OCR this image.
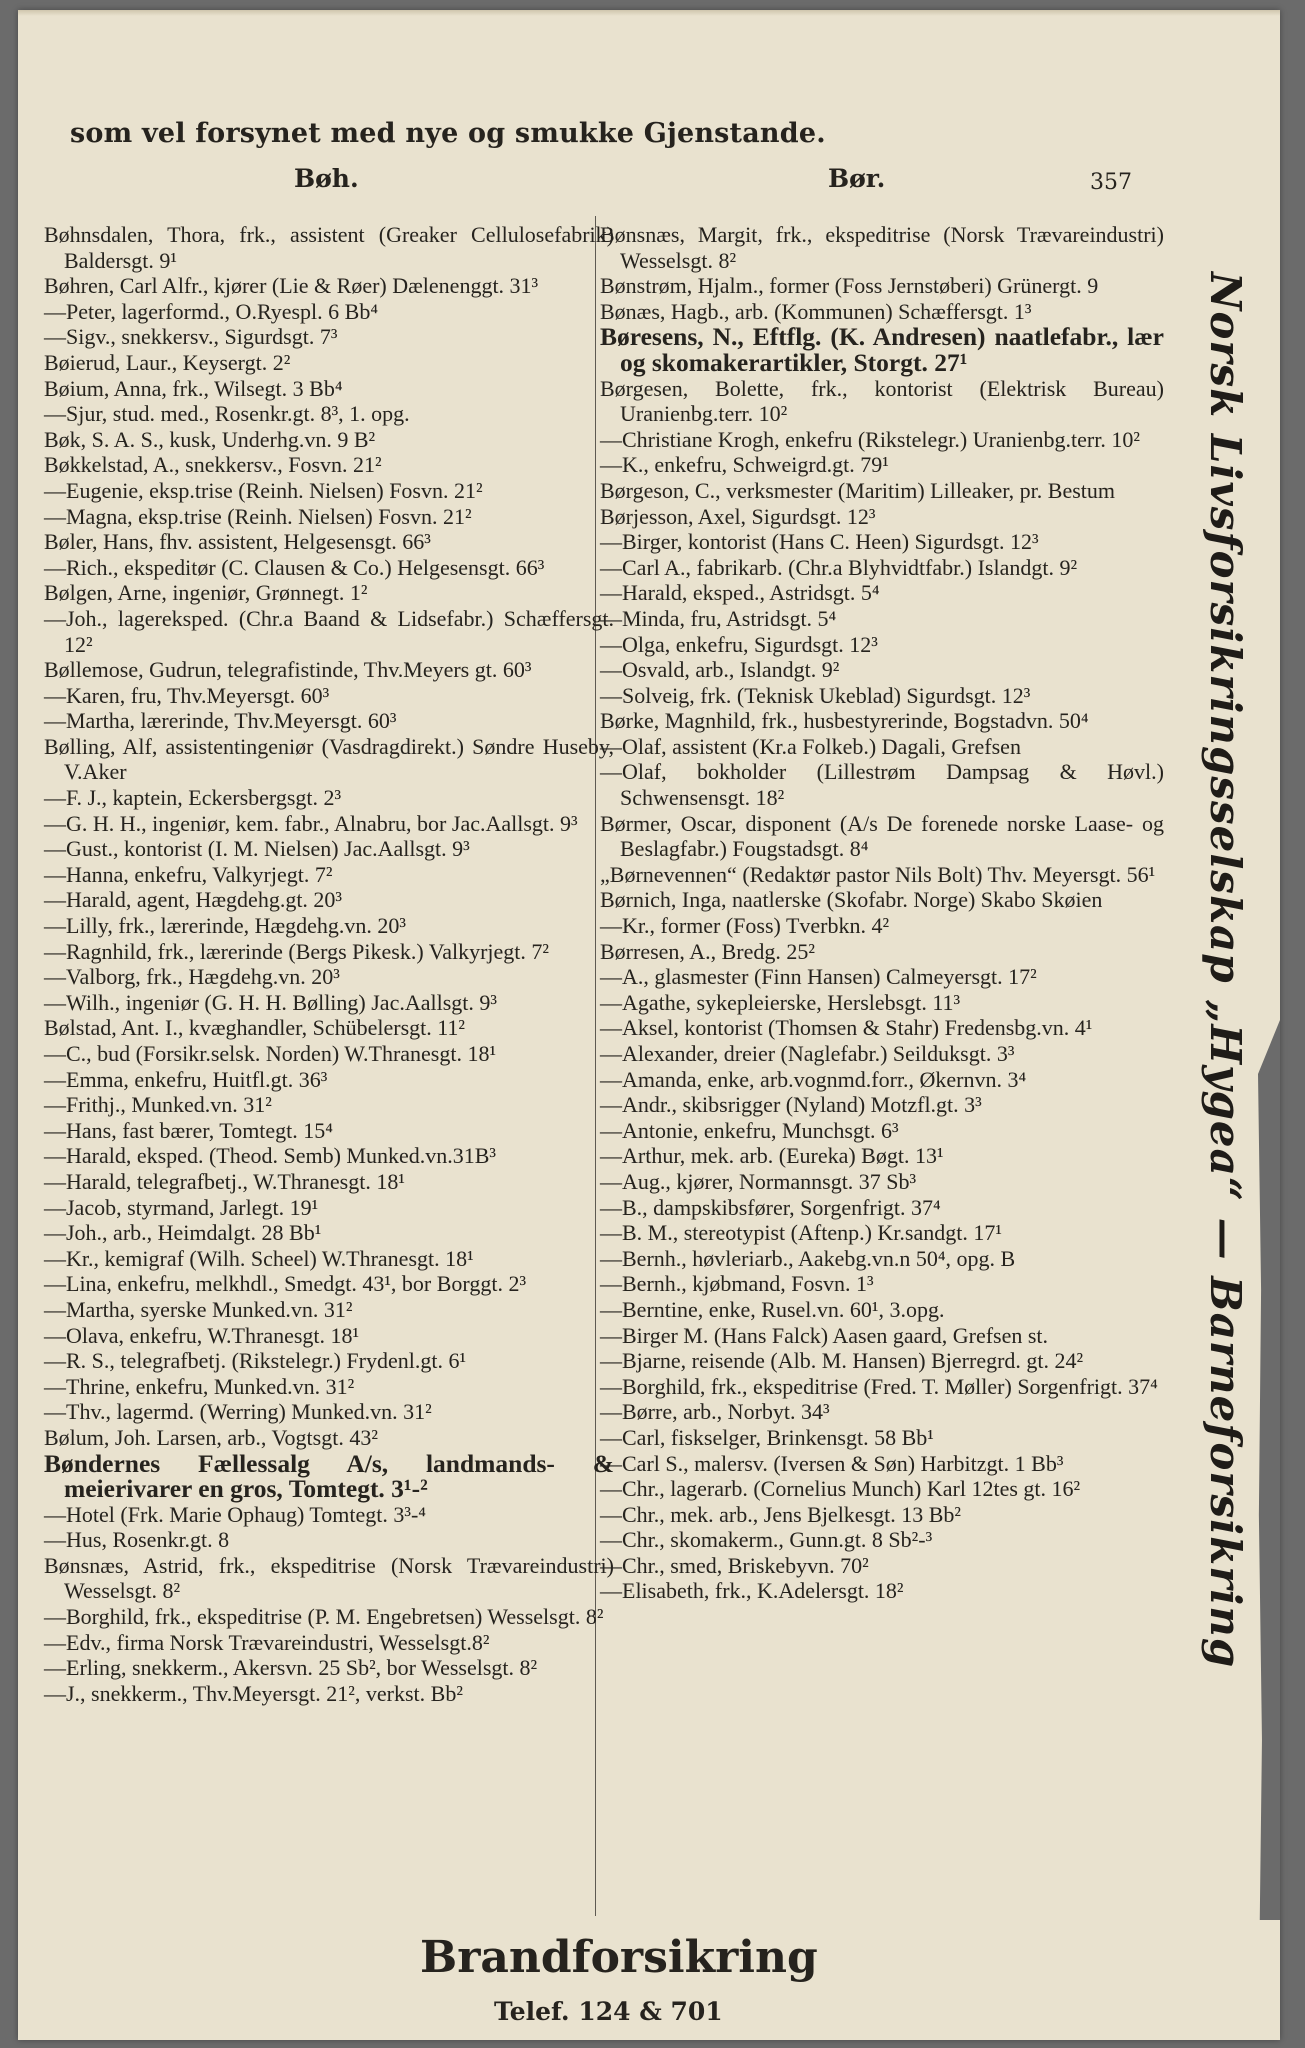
som vel forsynet med nye og smukke Gjenstande.
Bøh.	Bør.	357

Bøhnsdalen, Thora, frk., assistent (Greaker Cellulosefabrik) Baldersgt. 9¹

Bøhren, Carl Alfr., kjører (Lie & Røer) Dælenenggt. 31³

—Peter, lagerformd., O.Ryespl. 6 Bb⁴

—Sigv., snekkersv., Sigurdsgt. 7³

Bøierud, Laur., Keysergt. 2²

Bøium, Anna, frk., Wilsegt. 3 Bb⁴

—Sjur, stud. med., Rosenkr.gt. 8³, 1. opg.

Bøk, S. A. S., kusk, Underhg.vn. 9 B²

Bøkkelstad, A., snekkersv., Fosvn. 21²

—Eugenie, eksp.trise (Reinh. Nielsen) Fosvn. 21²

—Magna, eksp.trise (Reinh. Nielsen) Fosvn. 21²

Bøler, Hans, fhv. assistent, Helgesensgt. 66³

—Rich., ekspeditør (C. Clausen & Co.) Helgesensgt. 66³

Bølgen, Arne, ingeniør, Grønnegt. 1²

—Joh., lagereksped. (Chr.a Baand & Lidsefabr.) Schæffersgt. 12²

Bøllemose, Gudrun, telegrafistinde, Thv.Meyers gt. 60³

—Karen, fru, Thv.Meyersgt. 60³

—Martha, lærerinde, Thv.Meyersgt. 60³

Bølling, Alf, assistentingeniør (Vasdragdirekt.) Søndre Huseby, V.Aker

—F. J., kaptein, Eckersbergsgt. 2³

—G. H. H., ingeniør, kem. fabr., Alnabru, bor Jac.Aallsgt. 9³

—Gust., kontorist (I. M. Nielsen) Jac.Aallsgt. 9³

—Hanna, enkefru, Valkyrjegt. 7²

—Harald, agent, Hægdehg.gt. 20³

—Lilly, frk., lærerinde, Hægdehg.vn. 20³

—Ragnhild, frk., lærerinde (Bergs Pikesk.) Valkyrjegt. 7²

—Valborg, frk., Hægdehg.vn. 20³

—Wilh., ingeniør (G. H. H. Bølling) Jac.Aallsgt. 9³

Bølstad, Ant. I., kvæghandler, Schübelersgt. 11²

—C., bud (Forsikr.selsk. Norden) W.Thranesgt. 18¹

—Emma, enkefru, Huitfl.gt. 36³

—Frithj., Munked.vn. 31²

—Hans, fast bærer, Tomtegt. 15⁴

—Harald, eksped. (Theod. Semb) Munked.vn.31B³

—Harald, telegrafbetj., W.Thranesgt. 18¹

—Jacob, styrmand, Jarlegt. 19¹

—Joh., arb., Heimdalgt. 28 Bb¹

—Kr., kemigraf (Wilh. Scheel) W.Thranesgt. 18¹

—Lina, enkefru, melkhdl., Smedgt. 43¹, bor Borggt. 2³

—Martha, syerske Munked.vn. 31²

—Olava, enkefru, W.Thranesgt. 18¹

—R. S., telegrafbetj. (Rikstelegr.) Frydenl.gt. 6¹

—Thrine, enkefru, Munked.vn. 31²

—Thv., lagermd. (Werring) Munked.vn. 31²

Bølum, Joh. Larsen, arb., Vogtsgt. 43²

Bøndernes Fællessalg A/s, landmands- & meierivarer en gros, Tomtegt. 3¹-²

—Hotel (Frk. Marie Ophaug) Tomtegt. 3³-⁴

—Hus, Rosenkr.gt. 8

Bønsnæs, Astrid, frk., ekspeditrise (Norsk Trævareindustri) Wesselsgt. 8²

—Borghild, frk., ekspeditrise (P. M. Engebretsen) Wesselsgt. 8²

—Edv., firma Norsk Trævareindustri, Wesselsgt.8²

—Erling, snekkerm., Akersvn. 25 Sb², bor Wesselsgt. 8²

—J., snekkerm., Thv.Meyersgt. 21², verkst. Bb²

Bønsnæs, Margit, frk., ekspeditrise (Norsk Trævareindustri) Wesselsgt. 8²

Bønstrøm, Hjalm., former (Foss Jernstøberi) Grünergt. 9

Bønæs, Hagb., arb. (Kommunen) Schæffersgt. 1³

Børesens, N., Eftflg. (K. Andresen) naatlefabr., lær og skomakerartikler, Storgt. 27¹

Børgesen, Bolette, frk., kontorist (Elektrisk Bureau) Uranienbg.terr. 10²

—Christiane Krogh, enkefru (Rikstelegr.) Uranienbg.terr. 10²

—K., enkefru, Schweigrd.gt. 79¹

Børgeson, C., verksmester (Maritim) Lilleaker, pr. Bestum

Børjesson, Axel, Sigurdsgt. 12³

—Birger, kontorist (Hans C. Heen) Sigurdsgt. 12³

—Carl A., fabrikarb. (Chr.a Blyhvidtfabr.) Islandgt. 9²

—Harald, eksped., Astridsgt. 5⁴

—Minda, fru, Astridsgt. 5⁴

—Olga, enkefru, Sigurdsgt. 12³

—Osvald, arb., Islandgt. 9²

—Solveig, frk. (Teknisk Ukeblad) Sigurdsgt. 12³

Børke, Magnhild, frk., husbestyrerinde, Bogstadvn. 50⁴

—Olaf, assistent (Kr.a Folkeb.) Dagali, Grefsen

—Olaf, bokholder (Lillestrøm Dampsag & Høvl.) Schwensensgt. 18²

Børmer, Oscar, disponent (A/s De forenede norske Laase- og Beslagfabr.) Fougstadsgt. 8⁴

„Børnevennen“ (Redaktør pastor Nils Bolt) Thv. Meyersgt. 56¹

Børnich, Inga, naatlerske (Skofabr. Norge) Skabo Skøien

—Kr., former (Foss) Tverbkn. 4²

Børresen, A., Bredg. 25²

—A., glasmester (Finn Hansen) Calmeyersgt. 17²

—Agathe, sykepleierske, Herslebsgt. 11³

—Aksel, kontorist (Thomsen & Stahr) Fredensbg.vn. 4¹

—Alexander, dreier (Naglefabr.) Seilduksgt. 3³

—Amanda, enke, arb.vognmd.forr., Økernvn. 3⁴

—Andr., skibsrigger (Nyland) Motzfl.gt. 3³

—Antonie, enkefru, Munchsgt. 6³

—Arthur, mek. arb. (Eureka) Bøgt. 13¹

—Aug., kjører, Normannsgt. 37 Sb³

—B., dampskibsfører, Sorgenfrigt. 37⁴

—B. M., stereotypist (Aftenp.) Kr.sandgt. 17¹

—Bernh., høvleriarb., Aakebg.vn.n 50⁴, opg. B

—Bernh., kjøbmand, Fosvn. 1³

—Berntine, enke, Rusel.vn. 60¹, 3.opg.

—Birger M. (Hans Falck) Aasen gaard, Grefsen st.

—Bjarne, reisende (Alb. M. Hansen) Bjerregrd. gt. 24²

—Borghild, frk., ekspeditrise (Fred. T. Møller) Sorgenfrigt. 37⁴

—Børre, arb., Norbyt. 34³

—Carl, fiskselger, Brinkensgt. 58 Bb¹

—Carl S., malersv. (Iversen & Søn) Harbitzgt. 1 Bb³

—Chr., lagerarb. (Cornelius Munch) Karl 12tes gt. 16²

—Chr., mek. arb., Jens Bjelkesgt. 13 Bb²

—Chr., skomakerm., Gunn.gt. 8 Sb²-³

—Chr., smed, Briskebyvn. 70²

—Elisabeth, frk., K.Adelersgt. 18²	Norsk Livsforsikringsselskap „Hygea“ — Barneforsikring
Brandforsikring
Telef. 124 & 701
